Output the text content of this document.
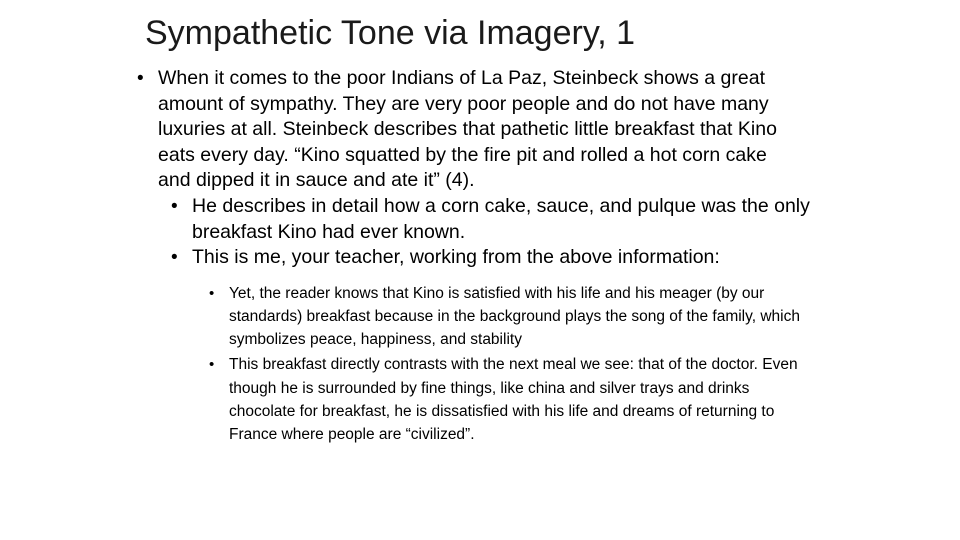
Sympathetic Tone via Imagery, 1
• When it comes to the poor Indians of La Paz, Steinbeck shows a great amount of sympathy. They are very poor people and do not have many luxuries at all. Steinbeck describes that pathetic little breakfast that Kino eats every day. “Kino squatted by the fire pit and rolled a hot corn cake and dipped it in sauce and ate it” (4).
• He describes in detail how a corn cake, sauce, and pulque was the only breakfast Kino had ever known.
• This is me, your teacher, working from the above information:
• Yet, the reader knows that Kino is satisfied with his life and his meager (by our standards) breakfast because in the background plays the song of the family, which symbolizes peace, happiness, and stability
• This breakfast directly contrasts with the next meal we see: that of the doctor. Even though he is surrounded by fine things, like china and silver trays and drinks chocolate for breakfast, he is dissatisfied with his life and dreams of returning to France where people are “civilized”.
